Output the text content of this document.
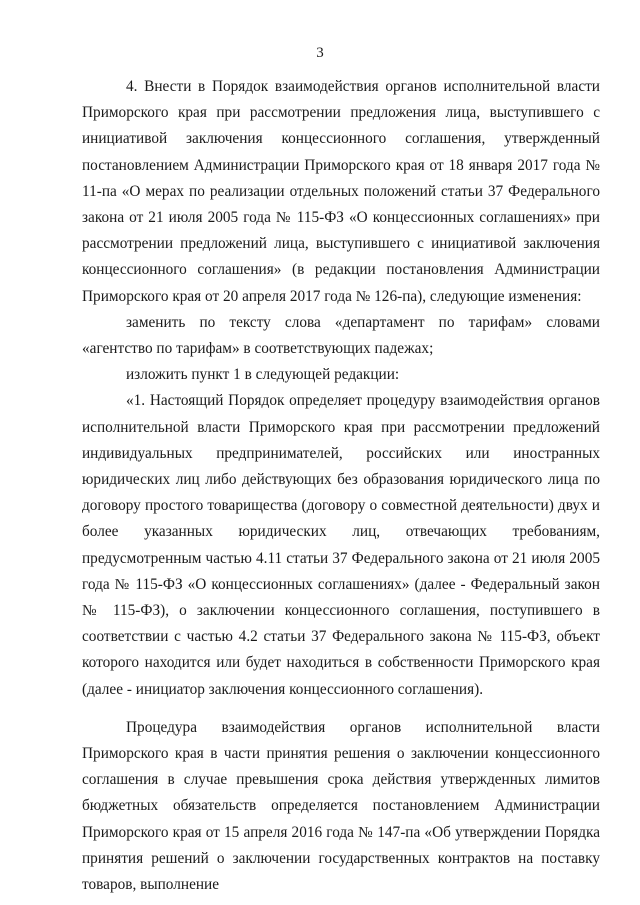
3

4. Внести в Порядок взаимодействия органов исполнительной власти Приморского края при рассмотрении предложения лица, выступившего с инициативой заключения концессионного соглашения, утвержденный постановлением Администрации Приморского края от 18 января 2017 года № 11-па «О мерах по реализации отдельных положений статьи 37 Федерального закона от 21 июля 2005 года № 115-ФЗ «О концессионных соглашениях» при рассмотрении предложений лица, выступившего с инициативой заключения концессионного соглашения» (в редакции постановления Администрации Приморского края от 20 апреля 2017 года № 126-па), следующие изменения:

заменить по тексту слова «департамент по тарифам» словами «агентство по тарифам» в соответствующих падежах;

изложить пункт 1 в следующей редакции:

«1. Настоящий Порядок определяет процедуру взаимодействия органов исполнительной власти Приморского края при рассмотрении предложений индивидуальных предпринимателей, российских или иностранных юридических лиц либо действующих без образования юридического лица по договору простого товарищества (договору о совместной деятельности) двух и более указанных юридических лиц, отвечающих требованиям, предусмотренным частью 4.11 статьи 37 Федерального закона от 21 июля 2005 года № 115-ФЗ «О концессионных соглашениях» (далее - Федеральный закон № 115-ФЗ), о заключении концессионного соглашения, поступившего в соответствии с частью 4.2 статьи 37 Федерального закона № 115-ФЗ, объект которого находится или будет находиться в собственности Приморского края (далее - инициатор заключения концессионного соглашения).

Процедура взаимодействия органов исполнительной власти Приморского края в части принятия решения о заключении концессионного соглашения в случае превышения срока действия утвержденных лимитов бюджетных обязательств определяется постановлением Администрации Приморского края от 15 апреля 2016 года № 147-па «Об утверждении Порядка принятия решений о заключении государственных контрактов на поставку товаров, выполнение
